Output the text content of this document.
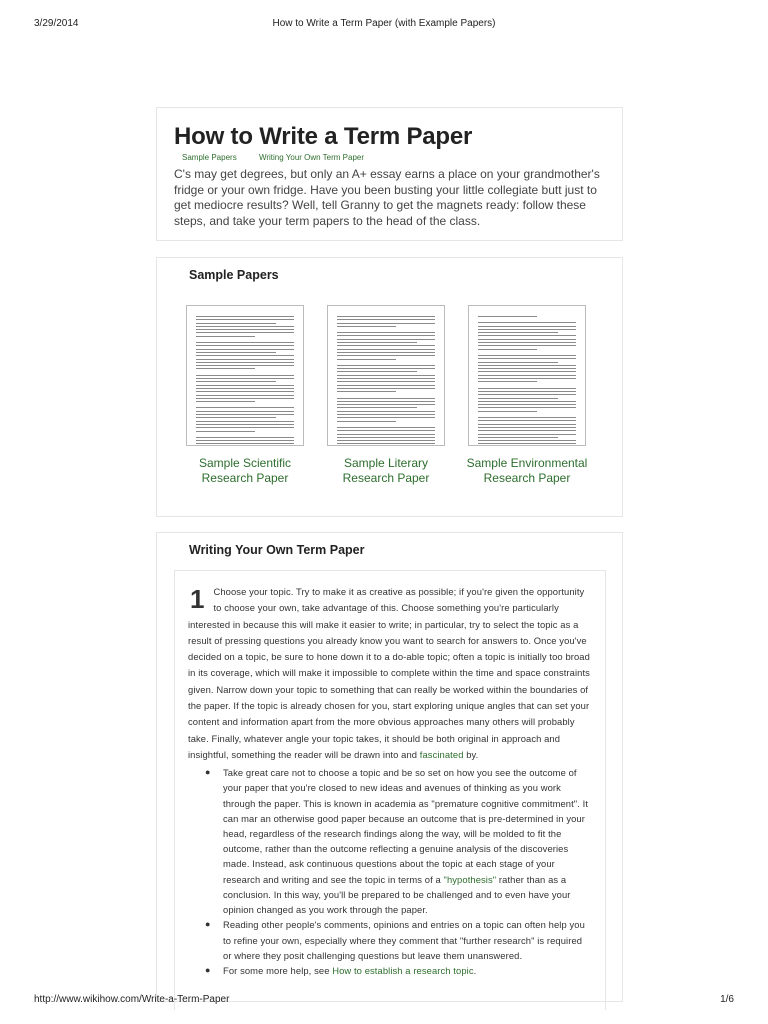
3/29/2014	How to Write a Term Paper (with Example Papers)
How to Write a Term Paper
Sample Papers	Writing Your Own Term Paper

C's may get degrees, but only an A+ essay earns a place on your grandmother's fridge or your own fridge. Have you been busting your little collegiate butt just to get mediocre results? Well, tell Granny to get the magnets ready: follow these steps, and take your term papers to the head of the class.

Sample Papers
Sample Scientific
Research Paper
Sample Literary
Research Paper
Sample Environmental
Research Paper
Writing Your Own Term Paper
1 Choose your topic. Try to make it as creative as possible; if you're given the opportunity to choose your own, take advantage of this. Choose something you're particularly interested in because this will make it easier to write; in particular, try to select the topic as a result of pressing questions you already know you want to search for answers to. Once you've decided on a topic, be sure to hone down it to a do-able topic; often a topic is initially too broad in its coverage, which will make it impossible to complete within the time and space constraints given. Narrow down your topic to something that can really be worked within the boundaries of the paper. If the topic is already chosen for you, start exploring unique angles that can set your content and information apart from the more obvious approaches many others will probably take. Finally, whatever angle your topic takes, it should be both original in approach and insightful, something the reader will be drawn into and fascinated by.

● Take great care not to choose a topic and be so set on how you see the outcome of your paper that you're closed to new ideas and avenues of thinking as you work through the paper. This is known in academia as "premature cognitive commitment". It can mar an otherwise good paper because an outcome that is pre-determined in your head, regardless of the research findings along the way, will be molded to fit the outcome, rather than the outcome reflecting a genuine analysis of the discoveries made. Instead, ask continuous questions about the topic at each stage of your research and writing and see the topic in terms of a "hypothesis" rather than as a conclusion. In this way, you'll be prepared to be challenged and to even have your opinion changed as you work through the paper.
● Reading other people's comments, opinions and entries on a topic can often help you to refine your own, especially where they comment that "further research" is required or where they posit challenging questions but leave them unanswered.
● For some more help, see How to establish a research topic.
http://www.wikihow.com/Write-a-Term-Paper	1/6
